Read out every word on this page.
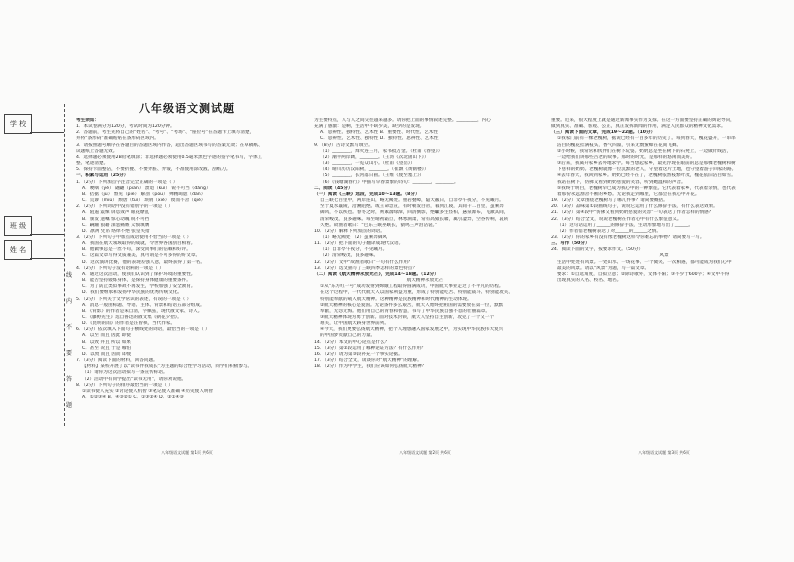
学 校
班 级
姓 名
线
内
不
要
答
题
八年级语文测试题
考生须知：
1．本试卷满分为120分，考试时间为120分钟。
2．答题前，考生先将自己的“姓名”、“考号”、“考场”、“座位号”在答题卡上填写清楚，
并将“条形码”准确粘贴在条形码区域内。
3．请按照题号顺序在各题目的答题区域内作答，超出答题区域书写的答案无效；在草稿纸、
试题纸上答题无效。
4．选择题必须使用2B铅笔填涂；非选择题必须使用0.5毫米黑色字迹的签字笔书写，字体工
整、笔迹清楚。
5．保持卡面整洁，不要折叠、不要弄脏、弄皱，不准使用涂改液、刮纸刀。
一、积累与运用（25分）
1．（2分）下列加点字注音完全正确的一项是（ ）
A．哽咽（yè） 翩翩（piān） 溃退（kuì） 锐不可当（dǎng）
B．拮据（jū） 瞥见（piē） 解剖（pōu） 殚精竭虑（dān）
C．荒谬（miù） 颓唐（tuí） 琐屑（xiè） 锲而不舍（qiè）
2．（2分）下列词语中没有错别字的一项是（ ）
A．阻遏 震悚 屏息敛声 眼花缭乱
B．颁发 遗嘱 惊心动魄 锐不可挡
C．蹒跚 狼藉 深恶痛嫉 义愤填膺
D．凛冽 凭吊 络绎不绝 张皇失措
3．（2分）下列句子中加点成语使用不恰当的一项是（ ）
A．我国在航天领域取得的成就，令世界各国刮目相看。
B．他做事总是一丝不苟，深受同事们的信赖和好评。
C．这篇文章写得文质兼美，真可谓是不可多得的好文章。
D．这次演讲比赛，他的表现差强人意，最终获得了第一名。
4．（2分）下列句子没有语病的一项是（ ）
A．通过这次活动，使我们认识到了保护环境的重要性。
B．能否坚持锻炼身体，是保持身体健康的重要条件。
C．为了防止类似事故不再发生，学校加强了安全教育。
D．我们要继承和发扬中华民族的优秀传统文化。
5．（2分）下列关于文学常识的表述，有误的一项是（ ）
A．消息一般由标题、导语、主体、背景和结语五部分组成。
B．《背影》的作者是朱自清，字佩弦，现代散文家、诗人。
C．《藤野先生》选自鲁迅的散文集《朝花夕拾》。
D．《昆明的雨》的作者是汪曾祺，当代作家。
6．（2分）依次填入下面句子横线处的词语，最恰当的一项是（ ）
A．以至 而且 因此 即使
B．以致 并且 所以 如果
C．甚至 况且 于是 哪怕
D．以致 而且 因而 即使
7．（3分）阅读下面的材料，回答问题。
【材料】某校开展了以“读书伴我成长”为主题的综合性学习活动，同学们积极参与。
（1）请你为这次活动拟写一条宣传标语。
（2）活动中有同学提出“读书无用”，请你劝说他。
8．（2分）下列句子的排序最恰当的一项是（ ）
①读书使人充实 ②讨论使人机智 ③笔记使人准确 ④历史使人明智
A．①②③④ B．④③②① C．①③②④ D．②①④③
为主要特点，人与人之间交往越来越多。请你把上面的事情叙述完整。_________，内心
充满了感激：是啊，生活中不缺少美，缺少的是发现。
A．思辨性、独特性、艺术性 B．重要性、时代性、艺术性
C．思辨性、艺术性、独特性 D．独特性、思辨性、艺术性
9．（8分）古诗文默写填空。
（1）________，烽火连三月，家书抵万金。（杜甫《春望》）
（2）潮平两岸阔，________。（王湾《次北固山下》）
（3）________，一览众山小。（杜甫《望岳》）
（4）晴川历历汉阳树，________。（崔颢《黄鹤楼》）
（5）________，长河落日圆。（王维《使至塞上》）
（6）《钱塘湖春行》中描写早春景象的诗句：________，________。
二、阅读（45分）
（一）阅读《三峡》选段，完成10～13题。（8分）
自三峡七百里中，两岸连山，略无阙处。重岩叠嶂，隐天蔽日，自非亭午夜分，不见曦月。
至于夏水襄陵，沿溯阻绝。或王命急宣，有时朝发白帝，暮到江陵，其间千二百里，虽乘奔
御风，不以疾也。春冬之时，则素湍绿潭，回清倒影，绝巘多生怪柏，悬泉瀑布，飞漱其间，
清荣峻茂，良多趣味。每至晴初霜旦，林寒涧肃，常有高猿长啸，属引凄异，空谷传响，哀转
久绝。故渔者歌曰：“巴东三峡巫峡长，猿鸣三声泪沾裳。”
10．（2分）解释下列加点的词语。
（1）略无阙处 （2）虽乘奔御风
11．（2分）把下面的句子翻译成现代汉语。
（1）自非亭午夜分，不见曦月。
（2）清荣峻茂，良多趣味。
12．（2分）文中“故渔者歌曰”一句有什么作用？
13．（2分）选文描写了三峡四季怎样的景色特点？
（二）阅读《航天精神永放光芒》，完成14～18题。（12分）
航天精神永放光芒
①从“东方红一号”成功发射到嫦娥工程取得圆满成功，中国航天事业走过了不平凡的历程。
在这个过程中，一代代航天人以国家利益为重，形成了特别能吃苦、特别能战斗、特别能攻关、
特别能奉献的载人航天精神。这种精神是民族精神和时代精神的生动体现。
②航天精神的核心是爱国。无论条件多么艰苦，航天人始终把祖国的需要放在第一位，默默
奉献，无怨无悔。他们用自己的青春和智慧，书写了中华民族自强不息的壮丽篇章。
③航天精神体现为勇于创新。面对技术封锁，航天人坚持自主创新，攻克了一个又一个
难关，让中国航天跻身世界前列。
④今天，我们更要弘扬航天精神，把个人理想融入国家发展之中，为实现中华民族伟大复兴
的中国梦贡献自己的力量。
14．（2分）本文的中心论点是什么？
15．（3分）第②段运用了哪种论证方法？有什么作用？
16．（2分）请为第③段补充一个事实论据。
17．（3分）结合全文，谈谈你对“航天精神”的理解。
18．（2分）作为中学生，我们应该如何弘扬航天精神？
重要。近来，很大程度上就是通过新闻事实作为支撑。在这一方面要坚持正确的舆论导向，
做到真实、准确、客观、公正，真正发挥新闻的作用，满足人民群众的精神文化需求。
（三）阅读下面的文章，完成19～22题。（10分）
①我家门前有一棵老槐树，据说已经有一百多年的历史了。每到春天，槐花盛开，一串串
洁白的槐花挂满枝头，香气四溢，引来无数蜜蜂在花间飞舞。
②小时候，我常常和伙伴们在树下玩耍。奶奶总是坐在树下的石凳上，一边做针线活，
一边给我们讲那些古老的故事。那时的时光，是那样的悠闲而美好。
③后来，我离开家乡去外地求学。每当想起家乡，最先浮现在眼前的总是那棵老槐树和树
下慈祥的奶奶。老槐树就像一位沉默的老人，守望着这片土地，也守望着游子回家的路。
④去年春天，我回到家乡。奶奶已经不在了，老槐树依然枝繁叶茂，槐花依旧洁白如雪。
我站在树下，仿佛又看到奶奶慈爱的笑容，听到她温和的声音。
⑤我终于明白，老槐树早已成为我心中的一种象征。它代表着家乡，代表着亲情，也代表
着那份永远割舍不断的乡愁。无论我走到哪里，它都会在我心中开花。
19．（2分）文章围绕老槐树写了哪几件事？请简要概括。
20．（3分）品味第①段画线句子，说说它运用了什么修辞手法，有什么表达效果。
21．（2分）第④段中“仿佛又看到奶奶慈爱的笑容”一句表达了作者怎样的情感？
22．（3分）结合全文，说说老槐树在作者心中有什么象征意义。
（1）这句话运用了______的修辞手法，生动形象地写出了______。
（2）作者借老槐树表达了对______的______之情。
23．（2分）你的家乡有没有像老槐树这样令你难忘的事物？请简要写一写。
三、写作（50分）
24．阅读下面的文字，按要求作文。（50分）
风景
生活中处处有风景。一处山水、一场花事、一个微笑、一次相遇，都可能成为我们心中
最美的风景。请以“风景”为题，写一篇文章。
要求：①自选角度，自拟立意；②除诗歌外，文体不限；③不少于600字；④文中不得
出现真实的人名、校名、地名。
八年级语文试题 第1页 共6页	八年级语文试题 第2页 共6页	八年级语文试题 第3页 共6页
